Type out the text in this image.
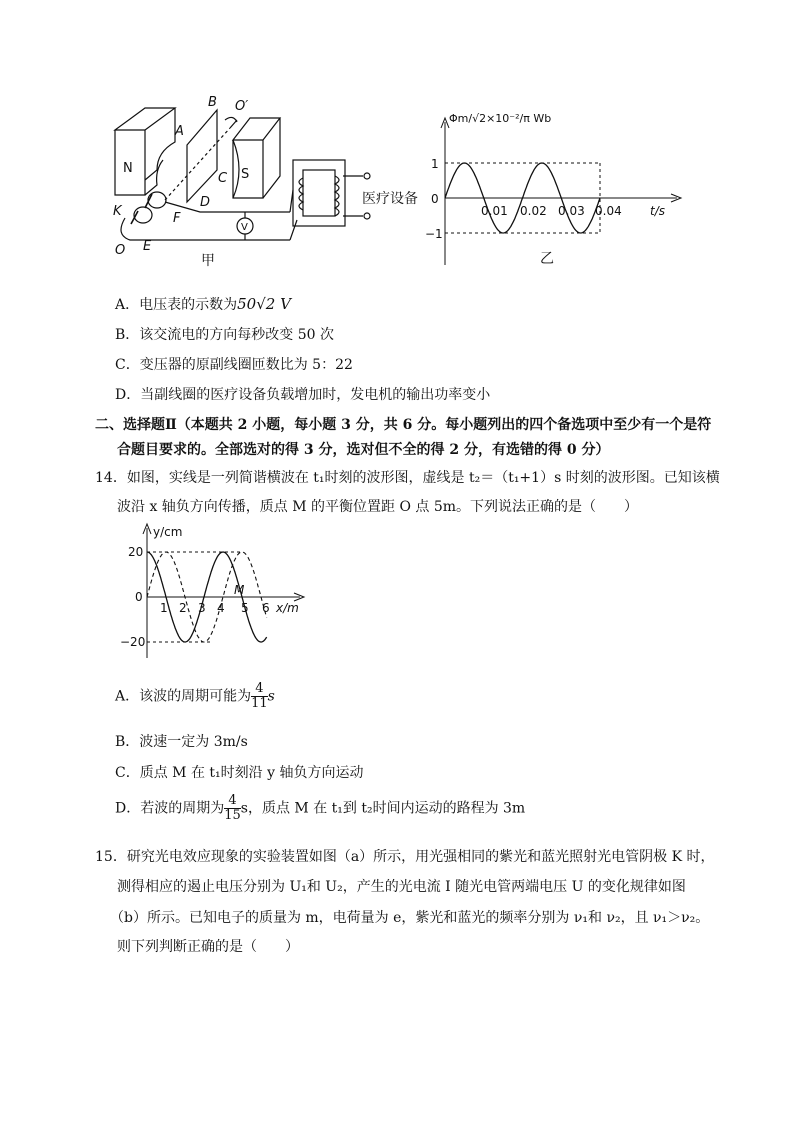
N	S
A
B
C
D
E
F
K
O
O′
V
医疗设备
甲
1
0
−1
0.01 0.02 0.03 0.04 t/s
Φm/√2×10⁻²/π Wb
乙
A．电压表的示数为50√2 V
B．该交流电的方向每秒改变 50 次
C．变压器的原副线圈匝数比为 5：22
D．当副线圈的医疗设备负载增加时，发电机的输出功率变小
二、选择题Ⅱ（本题共 2 小题，每小题 3 分，共 6 分。每小题列出的四个备选项中至少有一个是符
合题目要求的。全部选对的得 3 分，选对但不全的得 2 分，有选错的得 0 分）
14．如图，实线是一列简谐横波在 t₁时刻的波形图，虚线是 t₂＝（t₁+1）s 时刻的波形图。已知该横
波沿 x 轴负方向传播，质点 M 的平衡位置距 O 点 5m。下列说法正确的是（　　）
y/cm
20
0
−20
1 2 3 4 5 6 x/m
M
A．该波的周期可能为 $\frac{4}{11}$ s
B．波速一定为 3m/s
C．质点 M 在 t₁时刻沿 y 轴负方向运动
D．若波的周期为 $\frac{4}{15}$ s，质点 M 在 t₁到 t₂时间内运动的路程为 3m
15．研究光电效应现象的实验装置如图（a）所示，用光强相同的紫光和蓝光照射光电管阴极 K 时，
测得相应的遏止电压分别为 U₁和 U₂，产生的光电流 I 随光电管两端电压 U 的变化规律如图
（b）所示。已知电子的质量为 m，电荷量为 e，紫光和蓝光的频率分别为 ν₁和 ν₂，且 ν₁＞ν₂。
则下列判断正确的是（　　）
